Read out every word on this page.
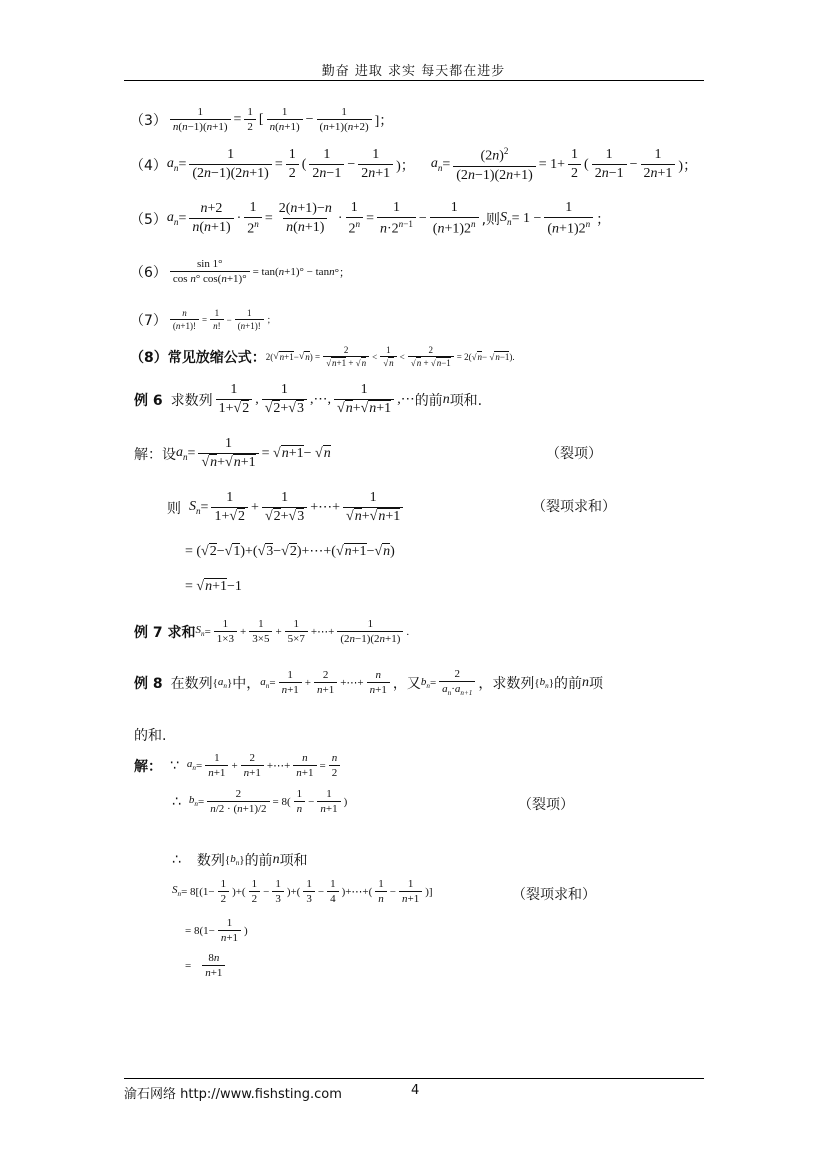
勤奋 进取 求实 每天都在进步
$(3) \frac{1}{n(n-1)(n+1)} = \frac{1}{2}$ [ $\frac{1}{n(n+1)} - \frac{1}{(n+1)(n+2)}$ ]；
（4） $a_n = \frac{1}{(2n-1)(2n+1)} = \frac{1}{2}$ ( $\frac{1}{2n-1} - \frac{1}{2n+1}$ )； $a_n = \frac{(2n)^2}{(2n-1)(2n+1)} = 1+ \frac{1}{2}$ ( $\frac{1}{2n-1} - \frac{1}{2n+1}$ )；
（5） $a_n = \frac{n+2}{n(n+1)} \cdot \frac{1}{2^n} = \frac{2(n+1)-n}{n(n+1)} \cdot \frac{1}{2^n} = \frac{1}{n\cdot 2^{n-1}} - \frac{1}{(n+1)2^n}$ ,则 $S_n = 1 - \frac{1}{(n+1)2^n}$ ；
$(6) \frac{\sin 1^\circ}{\text{cos n° cos(n+1)°}} = \tan$( n +1)° − tan n °；
$(7) \frac{n}{(n+1)!} = \frac{1}{n!} - \frac{1}{(n+1)!}$ ；
（8）常见放缩公式： 2( √ n+1 − √ n ) = $\frac{2}{√n+1 + √n} < \frac{1}{√n} < \frac{2}{√n + √n-1} = 2(√$ n − √ n−1 ).
例 6 求数列 $\frac{1}{1+√2}$ , $\frac{1}{√2+√3}$ ,⋯, $\frac{1}{√n+√n+1}$ ,⋯ 的前 n 项和.
解：设 $a_n = \frac{1}{√n+√n+1}$ = √ n+1 − √ n	（裂项）
则 $S_n = \frac{1}{1+√2} + \frac{1}{√2+√3}$ +⋯+ $\frac{1}{√n+√n+1}$	（裂项求和）
= (√ 2 −√ 1 )+(√ 3 −√ 2 )+⋯+(√ n+1 −√ n )
= √ n+1 −1
例 7 求和 $S_n = \frac{1}{1\times 3} + \frac{1}{3\times 5} + \frac{1}{5\times 7}$ +⋯+ $\frac{1}{(2n-1)(2n+1)}$ .
例 8 在数列 { $a_n$ } 中， $a_n = \frac{1}{n+1} + \frac{2}{n+1}$ +⋯+ $\frac{n}{n+1}$ ，又 $b_n = \frac{2}{a_n\cdot a_{n+1}}$ ，求数列 { $b_n$ } 的前 n 项
的和.
解： ∵ $a_n = \frac{1}{n+1} + \frac{2}{n+1}$ +⋯+ $\frac{n}{n+1} = \frac{n}{2}$
∴ $b_n = \frac{2}{n/2 \cdot (n+1)/2} = 8( \frac{1}{n} - \frac{1}{n+1}$ )	（裂项）
∴ 数列 { $b_n$ } 的前 n 项和
$S_n = 8[(1- \frac{1}{2}$ )+( $\frac{1}{2} - \frac{1}{3}$ )+( $\frac{1}{3} - \frac{1}{4}$ )+⋯+( $\frac{1}{n} - \frac{1}{n+1}$ )]	（裂项求和）
= $8(1- \frac{1}{n+1}$ )
= $\frac{8n}{n+1}$
渝石网络 http://www.fishsting.com	4
